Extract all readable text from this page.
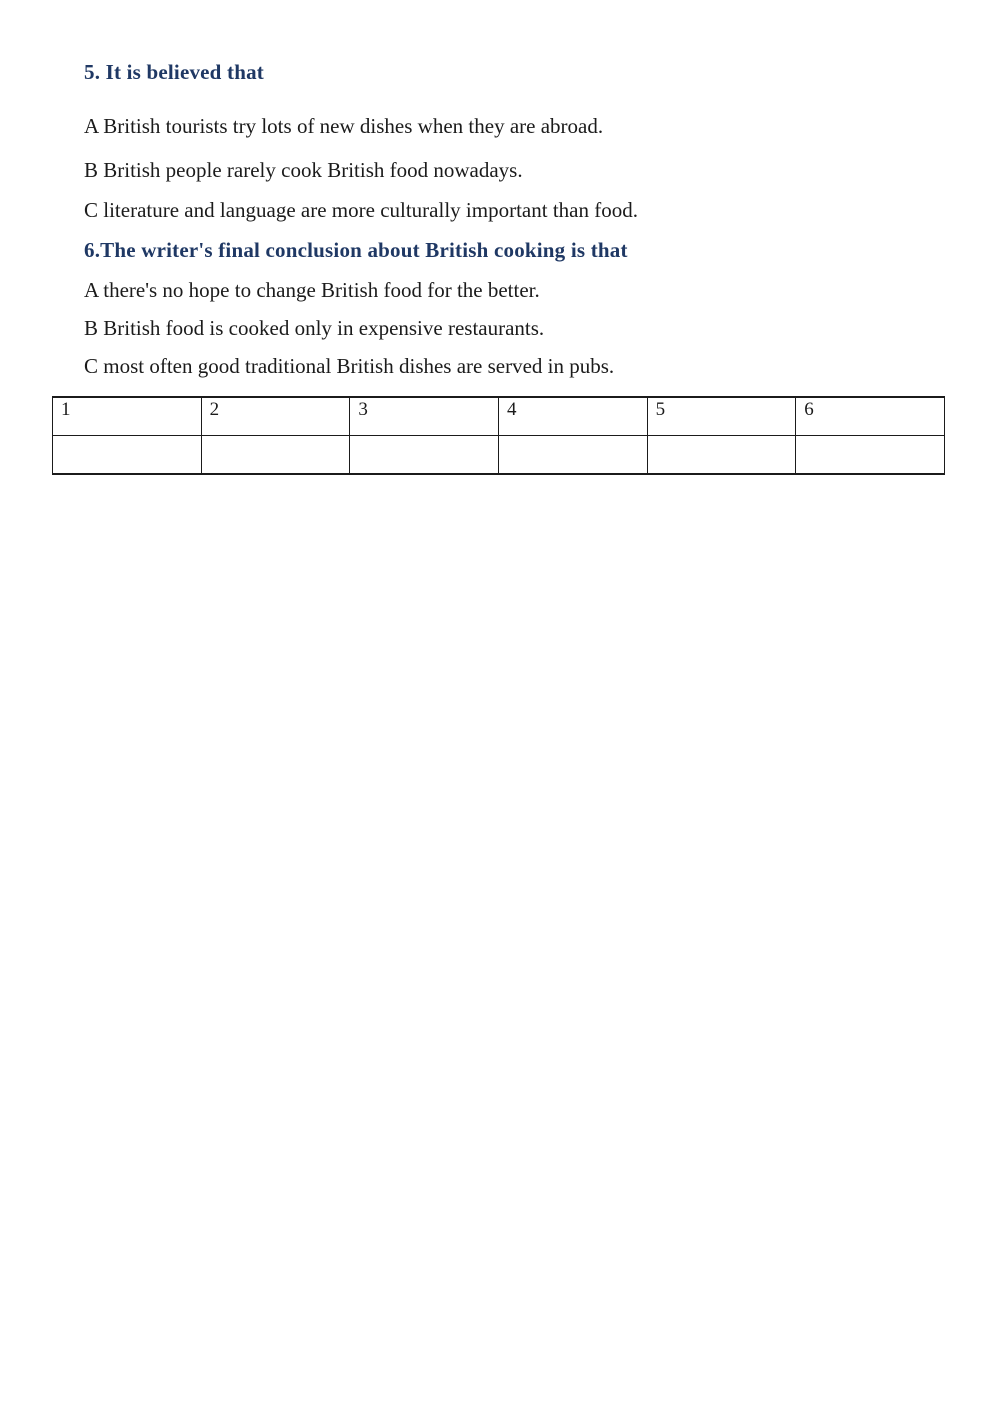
5. It is believed that

A British tourists try lots of new dishes when they are abroad.

B British people rarely cook British food nowadays.

C literature and language are more culturally important than food.

6.The writer's final conclusion about British cooking is that

A there's no hope to change British food for the better.

B British food is cooked only in expensive restaurants.

C most often good traditional British dishes are served in pubs.

1	2	3	4	5	6
